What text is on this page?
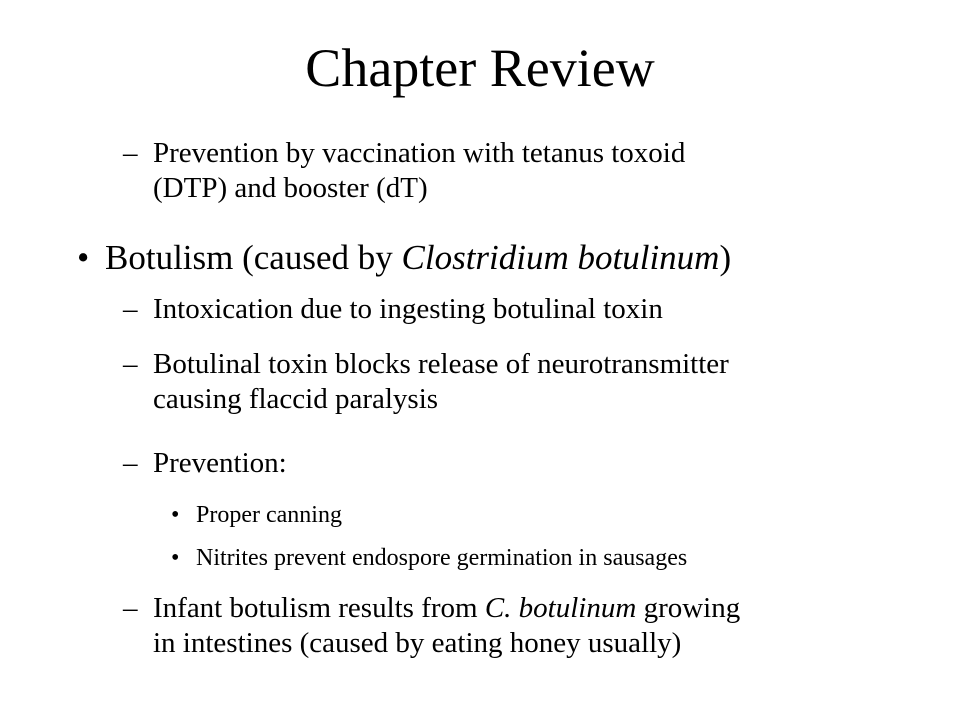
Chapter Review
– Prevention by vaccination with tetanus toxoid
(DTP) and booster (dT)
• Botulism (caused by Clostridium botulinum)
– Intoxication due to ingesting botulinal toxin
– Botulinal toxin blocks release of neurotransmitter
causing flaccid paralysis
– Prevention:
• Proper canning
• Nitrites prevent endospore germination in sausages
– Infant botulism results from C. botulinum growing
in intestines (caused by eating honey usually)
